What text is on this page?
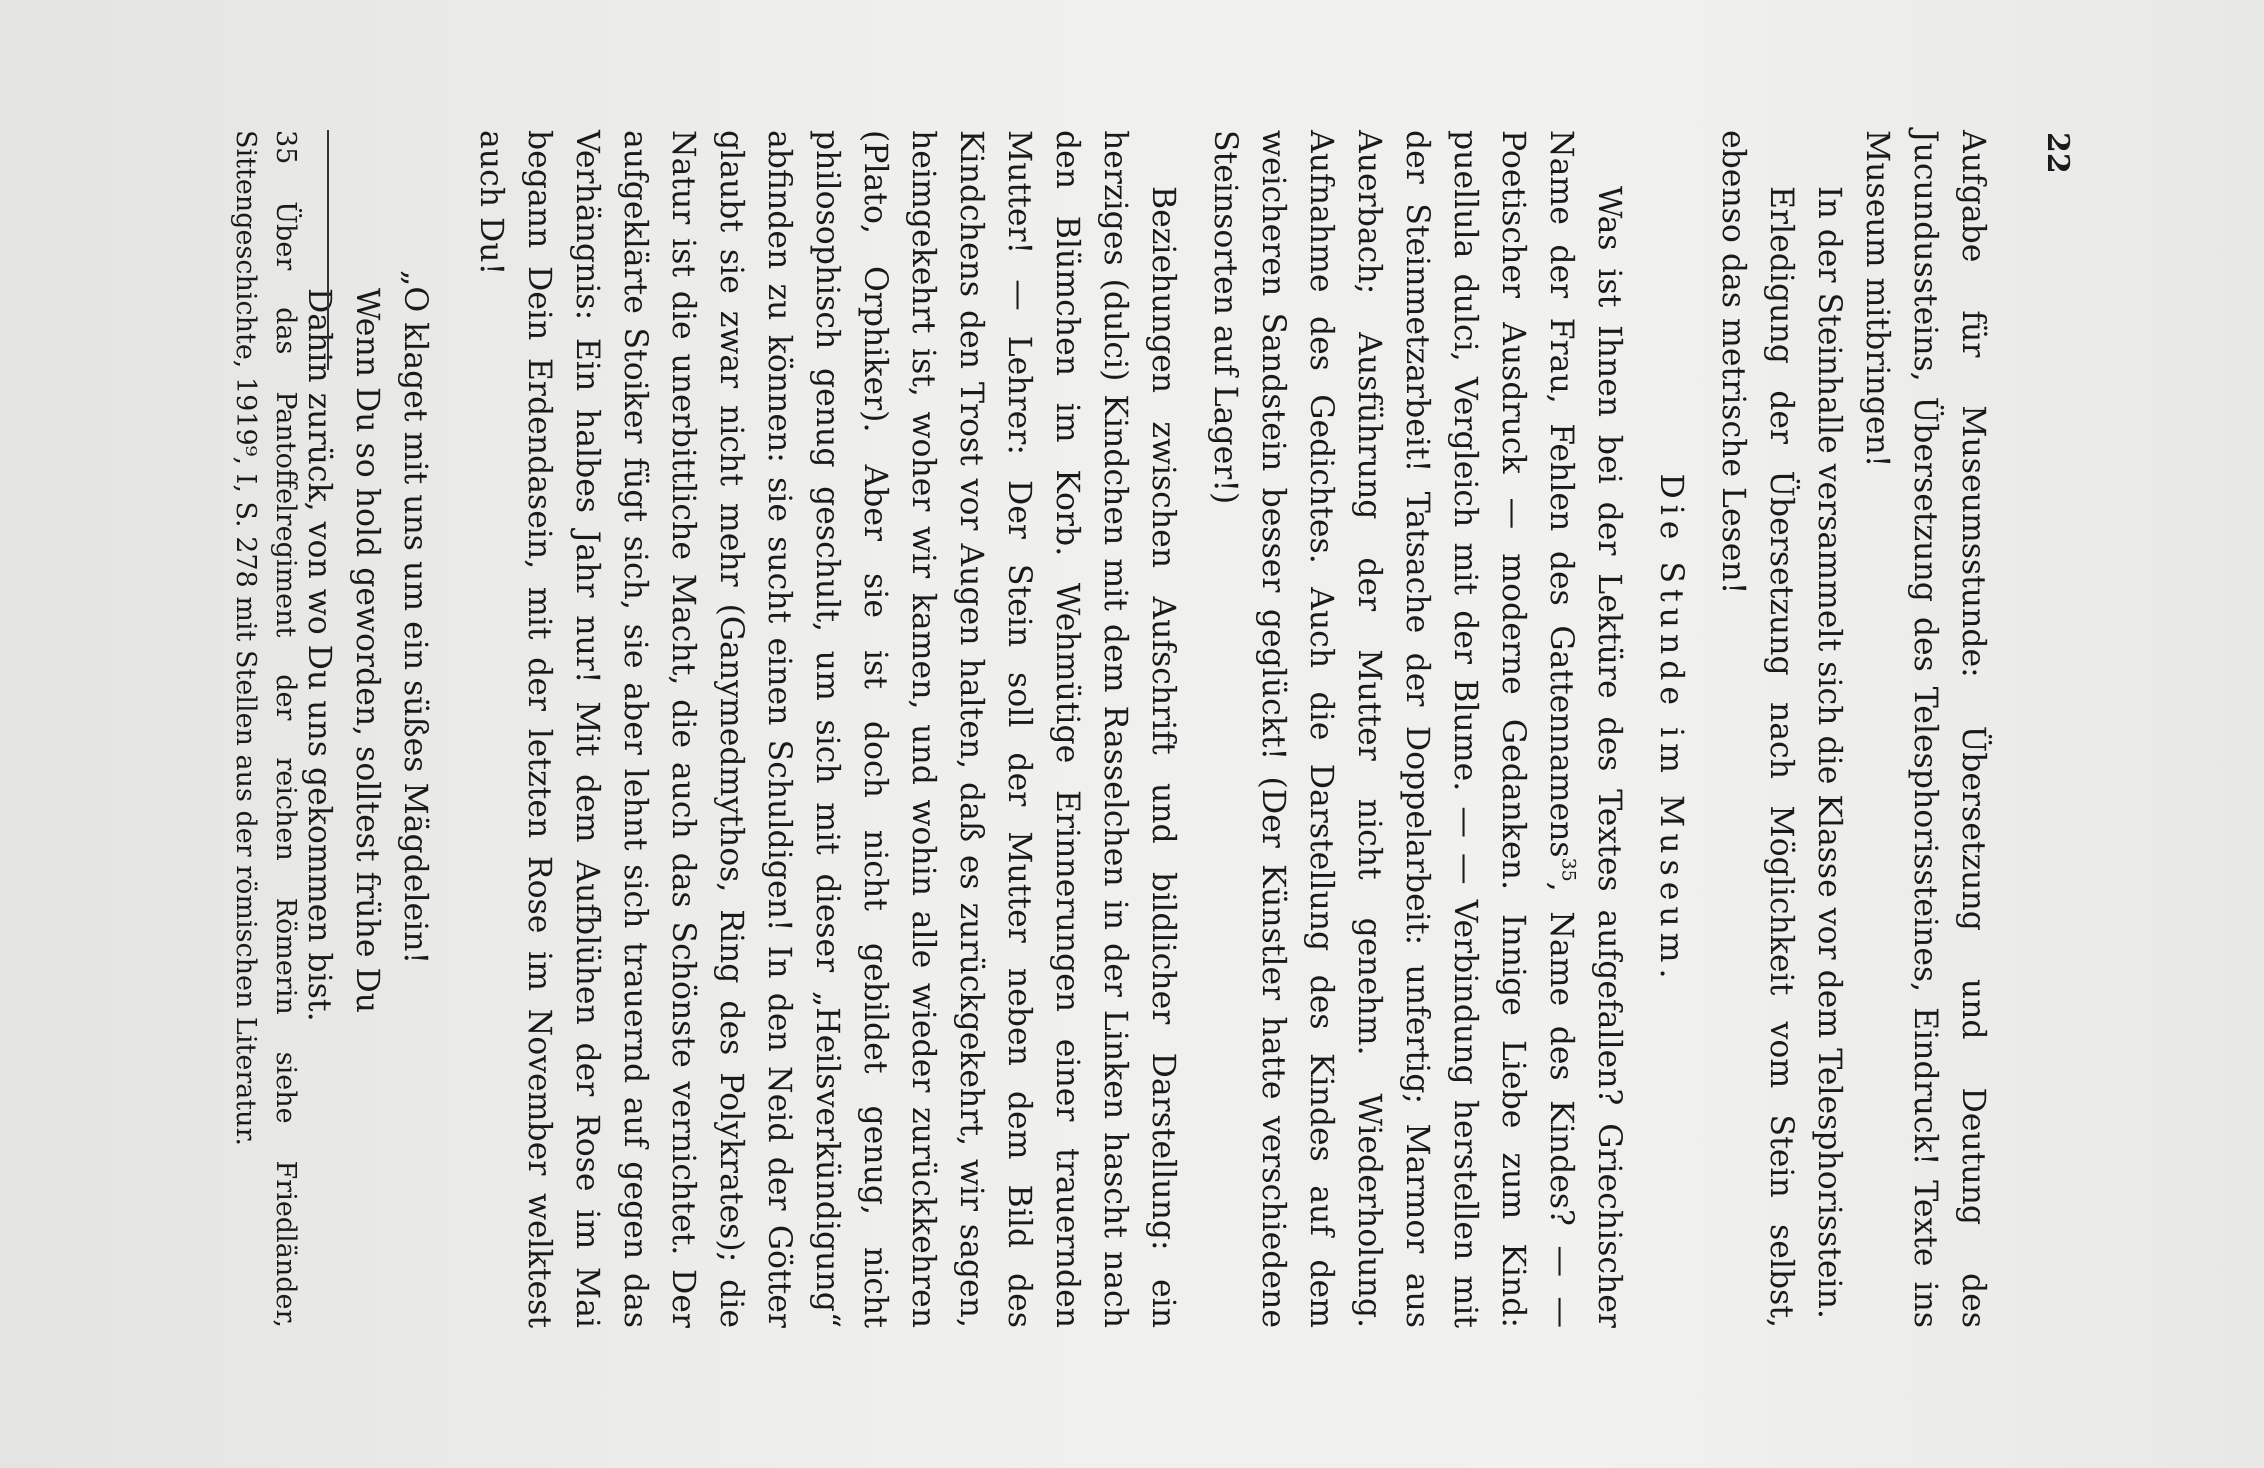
22

Aufgabe für Museumsstunde: Übersetzung und Deutung des Jucundussteins, Übersetzung des Telesphorissteines, Eindruck! Texte ins Museum mitbringen!

In der Steinhalle versammelt sich die Klasse vor dem Telesphorisstein.

Erledigung der Übersetzung nach Möglichkeit vom Stein selbst, ebenso das metrische Lesen!

Die Stunde im Museum.

Was ist Ihnen bei der Lektüre des Textes aufgefallen? Griechischer Name der Frau, Fehlen des Gattennamens$^{35}$, Name des Kindes? — — Poetischer Ausdruck — moderne Gedanken. Innige Liebe zum Kind: puellula dulci, Vergleich mit der Blume. — — Verbindung herstellen mit der Steinmetzarbeit! Tatsache der Doppelarbeit: unfertig; Marmor aus Auerbach; Ausführung der Mutter nicht genehm. Wiederholung. Aufnahme des Gedichtes. Auch die Darstellung des Kindes auf dem weicheren Sandstein besser geglückt! (Der Künstler hatte verschiedene Steinsorten auf Lager!)

Beziehungen zwischen Aufschrift und bildlicher Darstellung: ein herziges (dulci) Kindchen mit dem Rasselchen in der Linken hascht nach den Blümchen im Korb. Wehmütige Erinnerungen einer trauernden Mutter! — Lehrer: Der Stein soll der Mutter neben dem Bild des Kindchens den Trost vor Augen halten, daß es zurückgekehrt, wir sagen, heimgekehrt ist, woher wir kamen, und wohin alle wieder zurückkehren (Plato, Orphiker). Aber sie ist doch nicht gebildet genug, nicht philosophisch genug geschult, um sich mit dieser „Heilsverkündigung“ abfinden zu können: sie sucht einen Schuldigen! In den Neid der Götter glaubt sie zwar nicht mehr (Ganymedmythos, Ring des Polykrates); die Natur ist die unerbittliche Macht, die auch das Schönste vernichtet. Der aufgeklärte Stoiker fügt sich, sie aber lehnt sich trauernd auf gegen das Verhängnis: Ein halbes Jahr nur! Mit dem Aufblühen der Rose im Mai begann Dein Erdendasein, mit der letzten Rose im November welktest auch Du!

„O klaget mit uns um ein süßes Mägdelein!

Wenn Du so hold geworden, solltest frühe Du

Dahin zurück, von wo Du uns gekommen bist.

35 Über das Pantoffelregiment der reichen Römerin siehe Friedländer, Sittengeschichte, 1919⁹, I, S. 278 mit Stellen aus der römischen Literatur.
